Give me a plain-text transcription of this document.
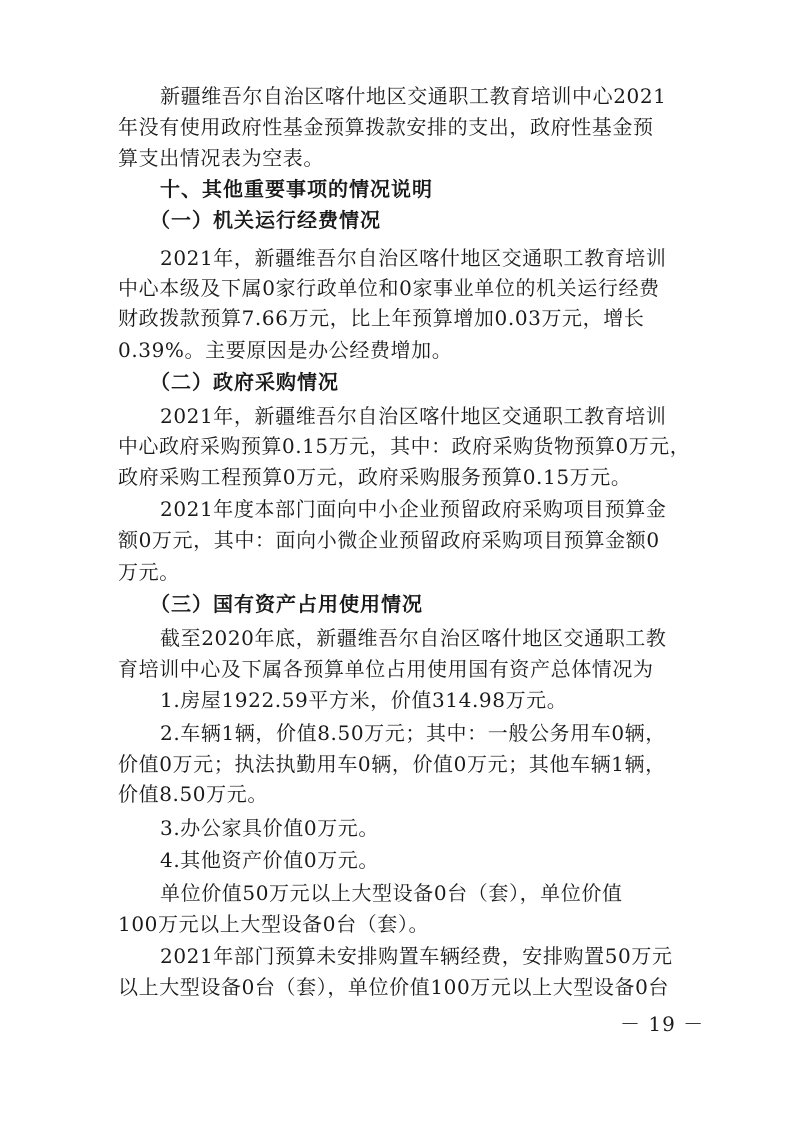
新疆维吾尔自治区喀什地区交通职工教育培训中心2021
年没有使用政府性基金预算拨款安排的支出，政府性基金预
算支出情况表为空表。
十、其他重要事项的情况说明
（一）机关运行经费情况
2021年，新疆维吾尔自治区喀什地区交通职工教育培训
中心本级及下属0家行政单位和0家事业单位的机关运行经费
财政拨款预算7.66万元，比上年预算增加0.03万元，增长
0.39%。主要原因是办公经费增加。
（二）政府采购情况
2021年，新疆维吾尔自治区喀什地区交通职工教育培训
中心政府采购预算0.15万元，其中：政府采购货物预算0万元，
政府采购工程预算0万元，政府采购服务预算0.15万元。
2021年度本部门面向中小企业预留政府采购项目预算金
额0万元，其中：面向小微企业预留政府采购项目预算金额0
万元。
（三）国有资产占用使用情况
截至2020年底，新疆维吾尔自治区喀什地区交通职工教
育培训中心及下属各预算单位占用使用国有资产总体情况为
1.房屋1922.59平方米，价值314.98万元。
2.车辆1辆，价值8.50万元；其中：一般公务用车0辆，
价值0万元；执法执勤用车0辆，价值0万元；其他车辆1辆，
价值8.50万元。
3.办公家具价值0万元。
4.其他资产价值0万元。
单位价值50万元以上大型设备0台（套），单位价值
100万元以上大型设备0台（套）。
2021年部门预算未安排购置车辆经费，安排购置50万元
以上大型设备0台（套），单位价值100万元以上大型设备0台
－ 19 －
